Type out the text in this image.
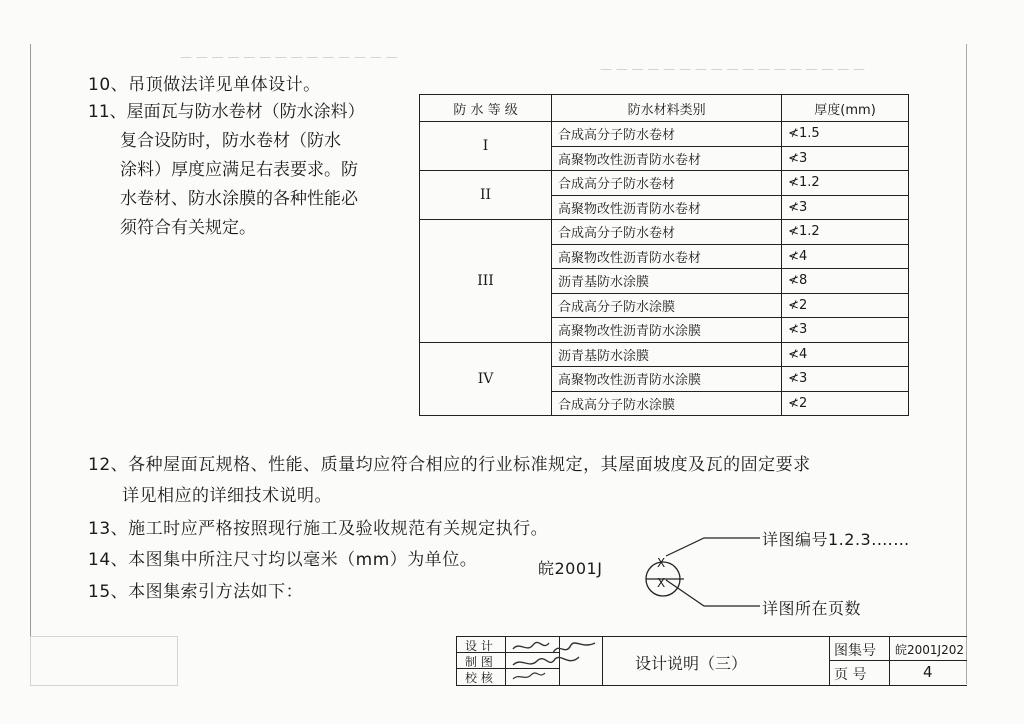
— — — — — — — — — — — — — —
— — — — — — — — — — — — — — — — —
10、吊顶做法详见单体设计。
11、屋面瓦与防水卷材（防水涂料）
复合设防时，防水卷材（防水
涂料）厚度应满足右表要求。防
水卷材、防水涂膜的各种性能必
须符合有关规定。
防 水 等 级	防水材料类别	厚度(mm)
I	合成高分子防水卷材	≮1.5
	高聚物改性沥青防水卷材	≮3
II	合成高分子防水卷材	≮1.2
	高聚物改性沥青防水卷材	≮3
III	合成高分子防水卷材	≮1.2
	高聚物改性沥青防水卷材	≮4
	沥青基防水涂膜	≮8
	合成高分子防水涂膜	≮2
	高聚物改性沥青防水涂膜	≮3
IV	沥青基防水涂膜	≮4
	高聚物改性沥青防水涂膜	≮3
	合成高分子防水涂膜	≮2
12、各种屋面瓦规格、性能、质量均应符合相应的行业标准规定，其屋面坡度及瓦的固定要求
详见相应的详细技术说明。
13、施工时应严格按照现行施工及验收规范有关规定执行。
14、本图集中所注尺寸均以毫米（mm）为单位。
15、本图集索引方法如下：
皖2001J	X
X
详图编号1.2.3.……
详图所在页数
设 计
制 图
校 核
设计说明（三）
图集号 皖2001J202
页 号	4
